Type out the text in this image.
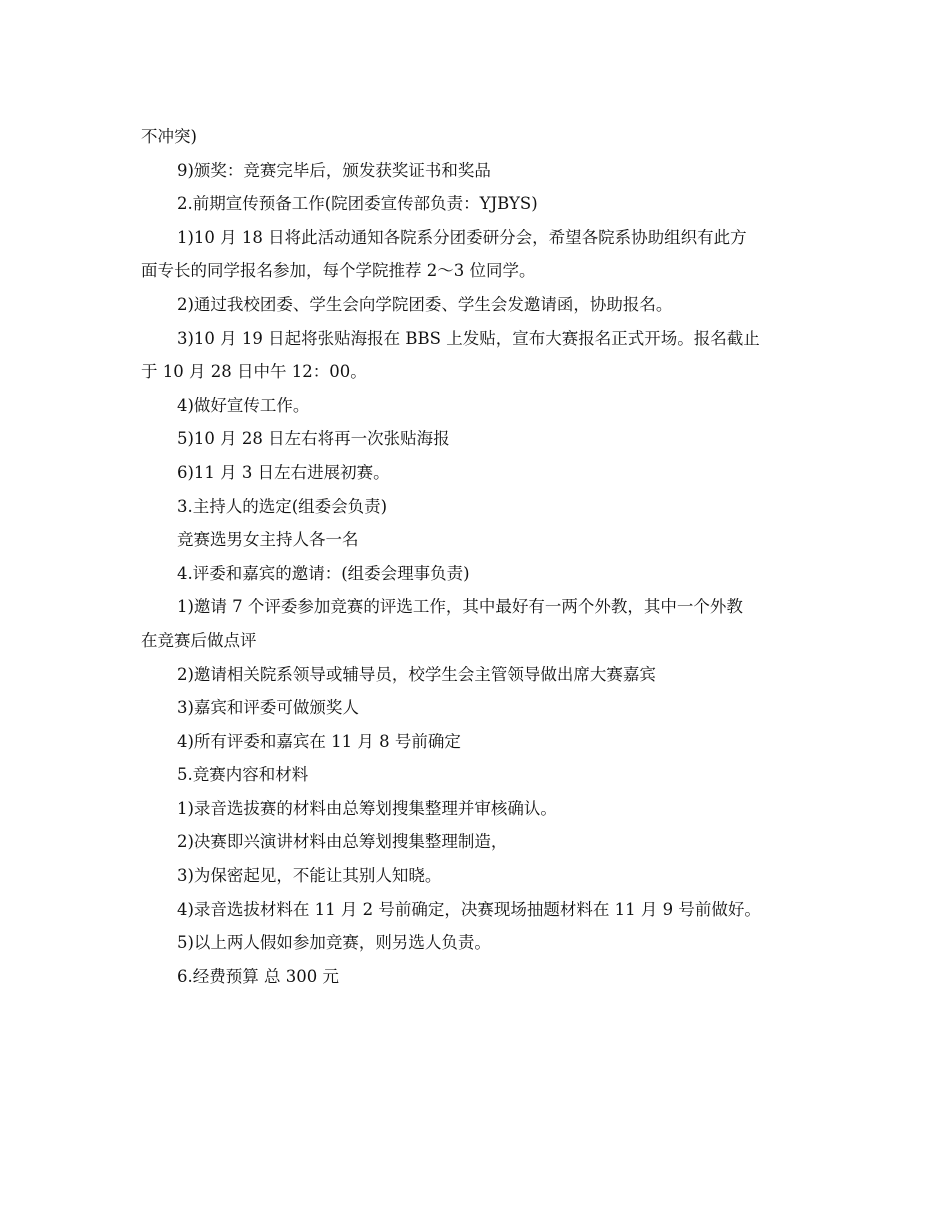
不冲突)
9)颁奖：竞赛完毕后，颁发获奖证书和奖品
2.前期宣传预备工作(院团委宣传部负责：YJBYS)
1)10 月 18 日将此活动通知各院系分团委研分会，希望各院系协助组织有此方
面专长的同学报名参加，每个学院推荐 2～3 位同学。
2)通过我校团委、学生会向学院团委、学生会发邀请函，协助报名。
3)10 月 19 日起将张贴海报在 BBS 上发贴，宣布大赛报名正式开场。报名截止
于 10 月 28 日中午 12：00。
4)做好宣传工作。
5)10 月 28 日左右将再一次张贴海报
6)11 月 3 日左右进展初赛。
3.主持人的选定(组委会负责)
竞赛选男女主持人各一名
4.评委和嘉宾的邀请：(组委会理事负责)
1)邀请 7 个评委参加竞赛的评选工作，其中最好有一两个外教，其中一个外教
在竞赛后做点评
2)邀请相关院系领导或辅导员，校学生会主管领导做出席大赛嘉宾
3)嘉宾和评委可做颁奖人
4)所有评委和嘉宾在 11 月 8 号前确定
5.竞赛内容和材料
1)录音选拔赛的材料由总筹划搜集整理并审核确认。
2)决赛即兴演讲材料由总筹划搜集整理制造，
3)为保密起见，不能让其别人知晓。
4)录音选拔材料在 11 月 2 号前确定，决赛现场抽题材料在 11 月 9 号前做好。
5)以上两人假如参加竞赛，则另选人负责。
6.经费预算 总 300 元
